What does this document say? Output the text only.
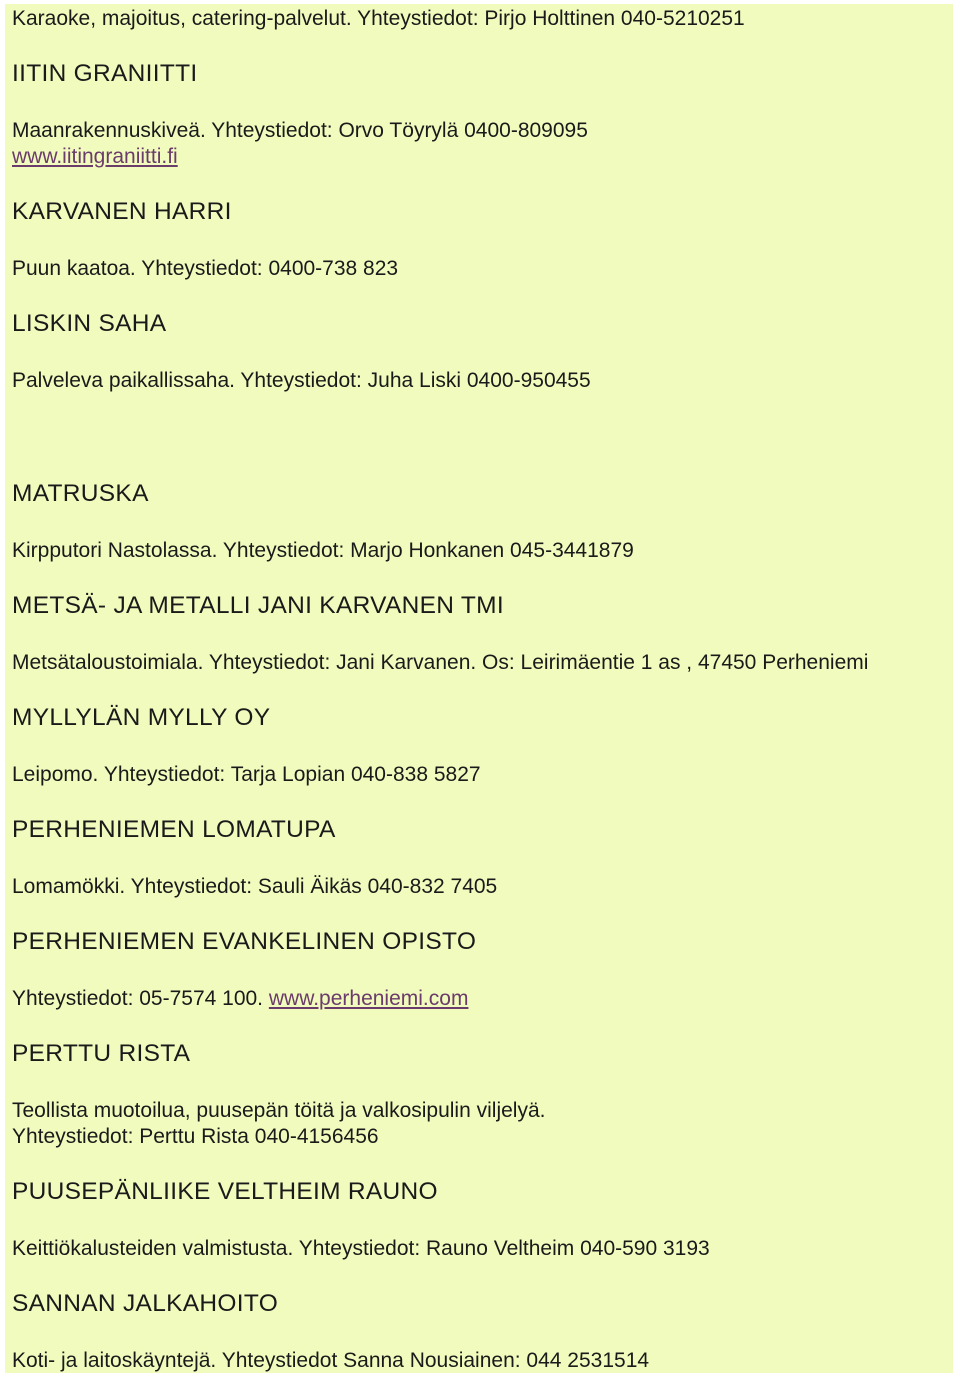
Karaoke, majoitus, catering-palvelut. Yhteystiedot: Pirjo Holttinen 040-5210251
IITIN GRANIITTI
Maanrakennuskiveä. Yhteystiedot: Orvo Töyrylä 0400-809095
www.iitingraniitti.fi
KARVANEN HARRI
Puun kaatoa. Yhteystiedot: 0400-738 823
LISKIN SAHA
Palveleva paikallissaha. Yhteystiedot: Juha Liski 0400-950455
MATRUSKA
Kirpputori Nastolassa. Yhteystiedot: Marjo Honkanen 045-3441879
METSÄ- JA METALLI JANI KARVANEN TMI
Metsätaloustoimiala. Yhteystiedot: Jani Karvanen. Os: Leirimäentie 1 as , 47450 Perheniemi
MYLLYLÄN MYLLY OY
Leipomo. Yhteystiedot: Tarja Lopian 040-838 5827
PERHENIEMEN LOMATUPA
Lomamökki. Yhteystiedot: Sauli Äikäs 040-832 7405
PERHENIEMEN EVANKELINEN OPISTO
Yhteystiedot: 05-7574 100. www.perheniemi.com
PERTTU RISTA
Teollista muotoilua, puusepän töitä ja valkosipulin viljelyä.
Yhteystiedot: Perttu Rista 040-4156456
PUUSEPÄNLIIKE VELTHEIM RAUNO
Keittiökalusteiden valmistusta. Yhteystiedot: Rauno Veltheim 040-590 3193
SANNAN JALKAHOITO
Koti- ja laitoskäyntejä. Yhteystiedot Sanna Nousiainen: 044 2531514
